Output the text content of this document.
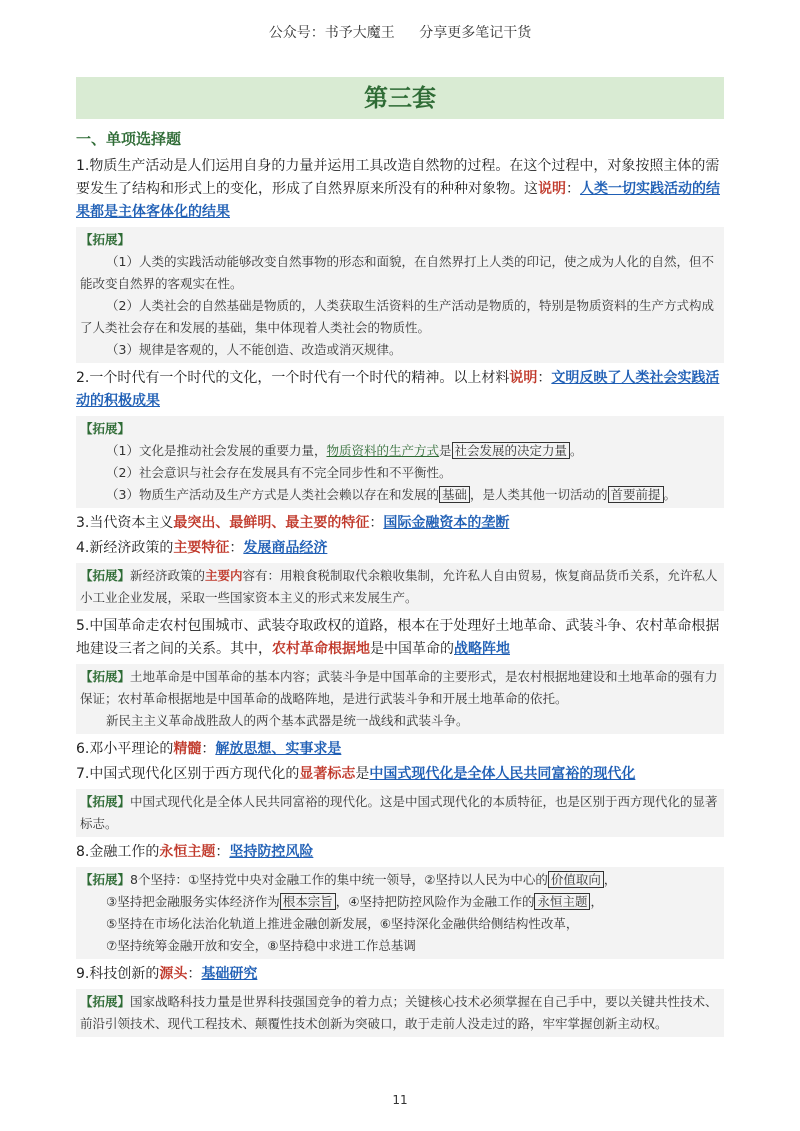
公众号：书予大魔王 分享更多笔记干货
第三套
一、单项选择题
1.物质生产活动是人们运用自身的力量并运用工具改造自然物的过程。在这个过程中，对象按照主体的需要发生了结构和形式上的变化，形成了自然界原来所没有的种种对象物。这说明：人类一切实践活动的结果都是主体客体化的结果

【拓展】

（1）人类的实践活动能够改变自然事物的形态和面貌，在自然界打上人类的印记，使之成为人化的自然，但不能改变自然界的客观实在性。

（2）人类社会的自然基础是物质的，人类获取生活资料的生产活动是物质的，特别是物质资料的生产方式构成了人类社会存在和发展的基础，集中体现着人类社会的物质性。

（3）规律是客观的，人不能创造、改造或消灭规律。

2.一个时代有一个时代的文化，一个时代有一个时代的精神。以上材料说明：文明反映了人类社会实践活动的积极成果

【拓展】

（1）文化是推动社会发展的重要力量，物质资料的生产方式是 社会发展的决定力量 。

（2）社会意识与社会存在发展具有不完全同步性和不平衡性。

（3）物质生产活动及生产方式是人类社会赖以存在和发展的 基础 ，是人类其他一切活动的 首要前提 。

3.当代资本主义最突出、最鲜明、最主要的特征：国际金融资本的垄断
4.新经济政策的主要特征：发展商品经济

【拓展】新经济政策的主要内容有：用粮食税制取代余粮收集制，允许私人自由贸易，恢复商品货币关系，允许私人小工业企业发展，采取一些国家资本主义的形式来发展生产。

5.中国革命走农村包围城市、武装夺取政权的道路，根本在于处理好土地革命、武装斗争、农村革命根据地建设三者之间的关系。其中，农村革命根据地是中国革命的战略阵地

【拓展】土地革命是中国革命的基本内容；武装斗争是中国革命的主要形式，是农村根据地建设和土地革命的强有力保证；农村革命根据地是中国革命的战略阵地，是进行武装斗争和开展土地革命的依托。

新民主主义革命战胜敌人的两个基本武器是统一战线和武装斗争。

6.邓小平理论的精髓：解放思想、实事求是
7.中国式现代化区别于西方现代化的显著标志是中国式现代化是全体人民共同富裕的现代化

【拓展】中国式现代化是全体人民共同富裕的现代化。这是中国式现代化的本质特征，也是区别于西方现代化的显著标志。

8.金融工作的永恒主题：坚持防控风险

【拓展】8个坚持：①坚持党中央对金融工作的集中统一领导，②坚持以人民为中心的 价值取向 ，

③坚持把金融服务实体经济作为 根本宗旨 ，④坚持把防控风险作为金融工作的 永恒主题 ，

⑤坚持在市场化法治化轨道上推进金融创新发展，⑥坚持深化金融供给侧结构性改革，

⑦坚持统筹金融开放和安全，⑧坚持稳中求进工作总基调

9.科技创新的源头：基础研究

【拓展】国家战略科技力量是世界科技强国竞争的着力点；关键核心技术必须掌握在自己手中，要以关键共性技术、前沿引领技术、现代工程技术、颠覆性技术创新为突破口，敢于走前人没走过的路，牢牢掌握创新主动权。

11
